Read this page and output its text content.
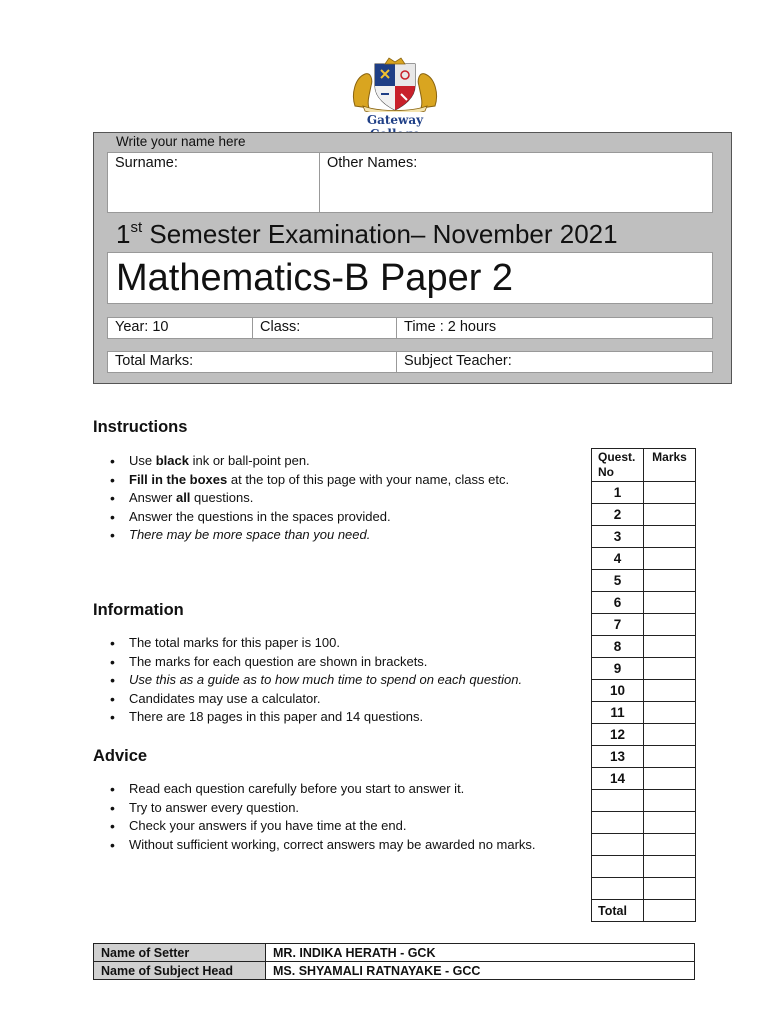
Gateway
Write your name here
Surname:	Other Names:
1st Semester Examination– November 2021
Mathematics-B Paper 2
Year: 10	Class:	Time : 2 hours
Total Marks:	Subject Teacher:
Instructions
• Use black ink or ball-point pen.
• Fill in the boxes at the top of this page with your name, class etc.
• Answer all questions.
• Answer the questions in the spaces provided.
• There may be more space than you need.
Information
• The total marks for this paper is 100.
• The marks for each question are shown in brackets.
• Use this as a guide as to how much time to spend on each question.
• Candidates may use a calculator.
• There are 18 pages in this paper and 14 questions.
Advice
• Read each question carefully before you start to answer it.
• Try to answer every question.
• Check your answers if you have time at the end.
• Without sufficient working, correct answers may be awarded no marks.
Quest. No	Marks
1	
2	
3	
4	
5	
6	
7	
8	
9	
10	
11	
12	
13	
14	

Total	
Name of Setter	MR. INDIKA HERATH - GCK
Name of Subject Head	MS. SHYAMALI RATNAYAKE - GCC
